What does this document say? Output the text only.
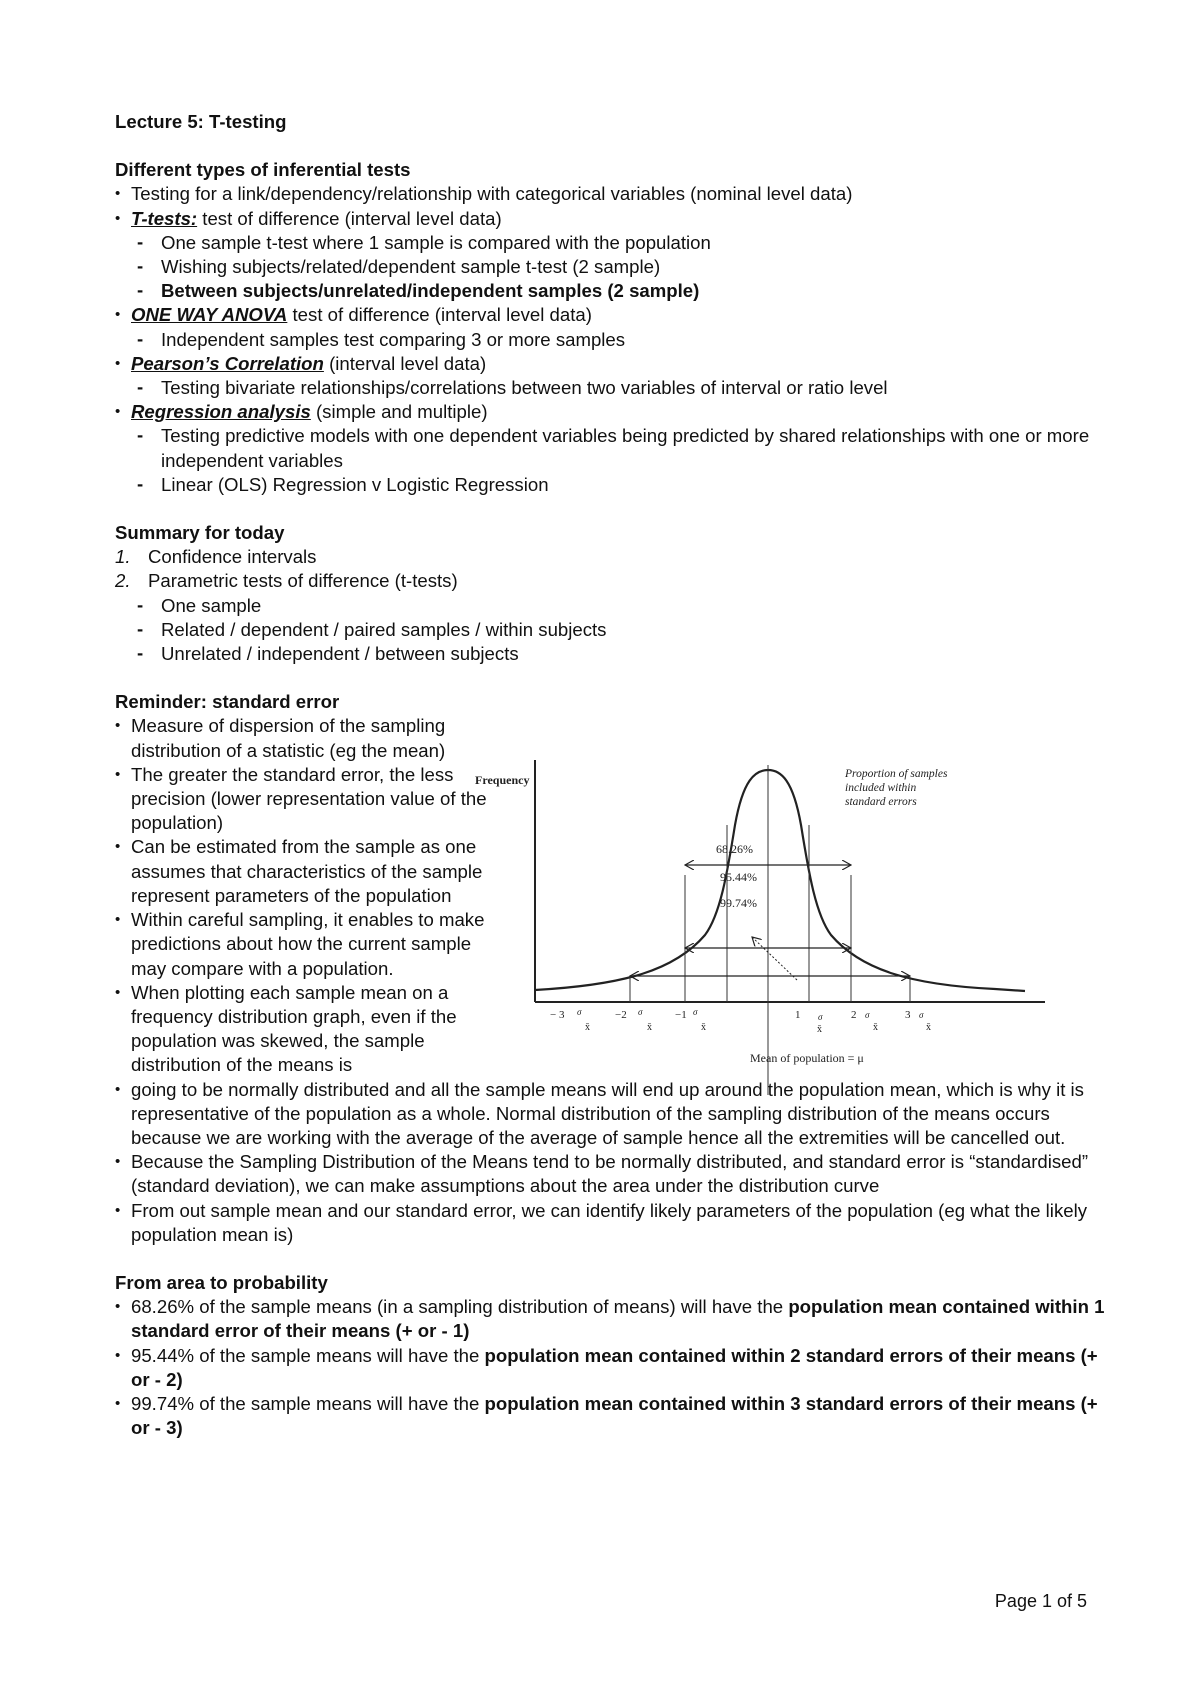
Lecture 5: T-testing
Different types of inferential tests
• Testing for a link/dependency/relationship with categorical variables (nominal level data)
• T-tests: test of difference (interval level data)
- One sample t-test where 1 sample is compared with the population
- Wishing subjects/related/dependent sample t-test (2 sample)
- Between subjects/unrelated/independent samples (2 sample)
• ONE WAY ANOVA test of difference (interval level data)
- Independent samples test comparing 3 or more samples
• Pearson’s Correlation (interval level data)
- Testing bivariate relationships/correlations between two variables of interval or ratio level
• Regression analysis (simple and multiple)
- Testing predictive models with one dependent variables being predicted by shared relationships with one or more independent variables
- Linear (OLS) Regression v Logistic Regression
Summary for today
1. Confidence intervals
2. Parametric tests of difference (t-tests)
- One sample
- Related / dependent / paired samples / within subjects
- Unrelated / independent / between subjects
Reminder: standard error
• Measure of dispersion of the sampling distribution of a statistic (eg the mean)
• The greater the standard error, the less precision (lower representation value of the population)
• Can be estimated from the sample as one assumes that characteristics of the sample represent parameters of the population
• Within careful sampling, it enables to make predictions about how the current sample may compare with a population.
• When plotting each sample mean on a frequency distribution graph, even if the population was skewed, the sample distribution of the means is
• going to be normally distributed and all the sample means will end up around the population mean, which is why it is representative of the population as a whole. Normal distribution of the sampling distribution of the means occurs because we are working with the average of the average of sample hence all the extremities will be cancelled out.
• Because the Sampling Distribution of the Means tend to be normally distributed, and standard error is “standardised” (standard deviation), we can make assumptions about the area under the distribution curve
• From out sample mean and our standard error, we can identify likely parameters of the population (eg what the likely population mean is)
From area to probability
• 68.26% of the sample means (in a sampling distribution of means) will have the population mean contained within 1 standard error of their means (+ or - 1)
• 95.44% of the sample means will have the population mean contained within 2 standard errors of their means (+ or - 2)
• 99.74% of the sample means will have the population mean contained within 3 standard errors of their means (+ or - 3)
Frequency
68.26%
95.44%
99.74%
Proportion of samples
included within
standard errors
− 3 σ
x̄
−2 σ
x̄
−1 σ
x̄
1 σ
x̄
2 σ
x̄
3 σ
x̄
Mean of population = μ
Page 1 of 5
